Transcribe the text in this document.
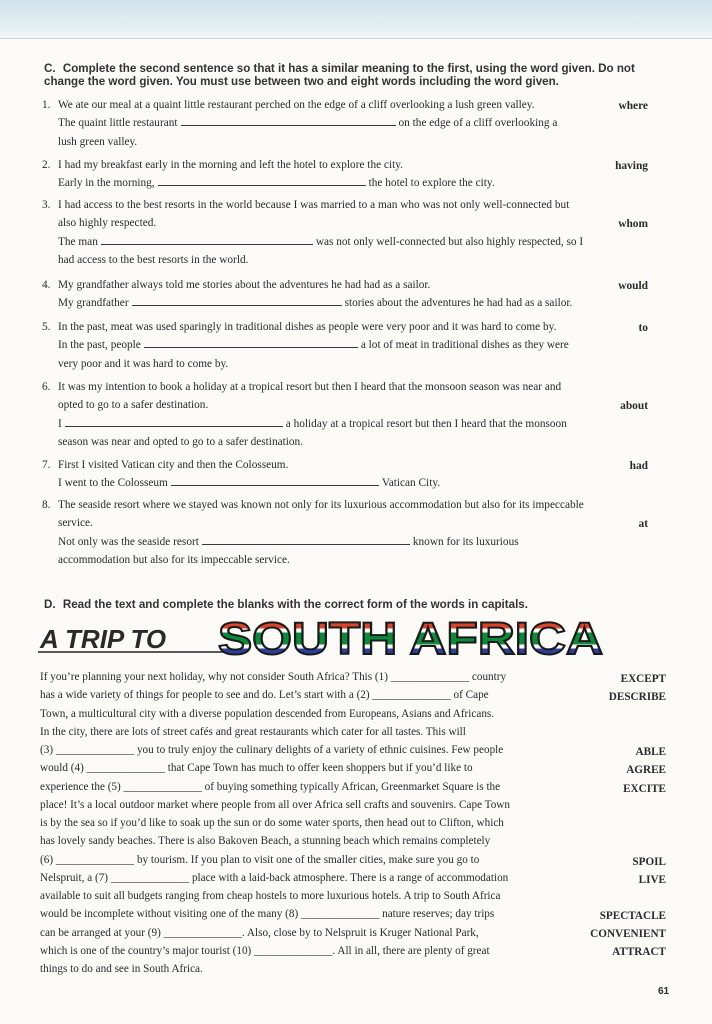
C. Complete the second sentence so that it has a similar meaning to the first, using the word given. Do not change the word given. You must use between two and eight words including the word given.
1.	where
We ate our meal at a quaint little restaurant perched on the edge of a cliff overlooking a lush green valley.
The quaint little restaurant	on the edge of a cliff overlooking a lush green valley.
2.	having
I had my breakfast early in the morning and left the hotel to explore the city.
Early in the morning,	the hotel to explore the city.
3.
whom
I had access to the best resorts in the world because I was married to a man who was not only well-connected but also highly respected.
The man	was not only well-connected but also highly respected, so I had access to the best resorts in the world.
4.	would
My grandfather always told me stories about the adventures he had had as a sailor.
My grandfather	stories about the adventures he had had as a sailor.
5.	to
In the past, meat was used sparingly in traditional dishes as people were very poor and it was hard to come by.
In the past, people	a lot of meat in traditional dishes as they were very poor and it was hard to come by.
6.
about
It was my intention to book a holiday at a tropical resort but then I heard that the monsoon season was near and opted to go to a safer destination.
I	a holiday at a tropical resort but then I heard that the monsoon season was near and opted to go to a safer destination.
7.	had
First I visited Vatican city and then the Colosseum.
I went to the Colosseum	Vatican City.
8.
at
The seaside resort where we stayed was known not only for its luxurious accommodation but also for its impeccable service.
Not only was the seaside resort	known for its luxurious accommodation but also for its impeccable service.
D. Read the text and complete the blanks with the correct form of the words in capitals.
A TRIP TO SOUTH AFRICA
If you’re planning your next holiday, why not consider South Africa? This (1) ______________ country
has a wide variety of things for people to see and do. Let’s start with a (2) ______________ of Cape
Town, a multicultural city with a diverse population descended from Europeans, Asians and Africans.
In the city, there are lots of street cafés and great restaurants which cater for all tastes. This will
(3) ______________ you to truly enjoy the culinary delights of a variety of ethnic cuisines. Few people
would (4) ______________ that Cape Town has much to offer keen shoppers but if you’d like to
experience the (5) ______________ of buying something typically African, Greenmarket Square is the
place! It’s a local outdoor market where people from all over Africa sell crafts and souvenirs. Cape Town
is by the sea so if you’d like to soak up the sun or do some water sports, then head out to Clifton, which
has lovely sandy beaches. There is also Bakoven Beach, a stunning beach which remains completely
(6) ______________ by tourism. If you plan to visit one of the smaller cities, make sure you go to
Nelspruit, a (7) ______________ place with a laid-back atmosphere. There is a range of accommodation
available to suit all budgets ranging from cheap hostels to more luxurious hotels. A trip to South Africa
would be incomplete without visiting one of the many (8) ______________ nature reserves; day trips
can be arranged at your (9) ______________. Also, close by to Nelspruit is Kruger National Park,
which is one of the country’s major tourist (10) ______________. All in all, there are plenty of great
things to do and see in South Africa.
EXCEPT
DESCRIBE
ABLE
AGREE
EXCITE
SPOIL
LIVE
SPECTACLE
CONVENIENT
ATTRACT
61
